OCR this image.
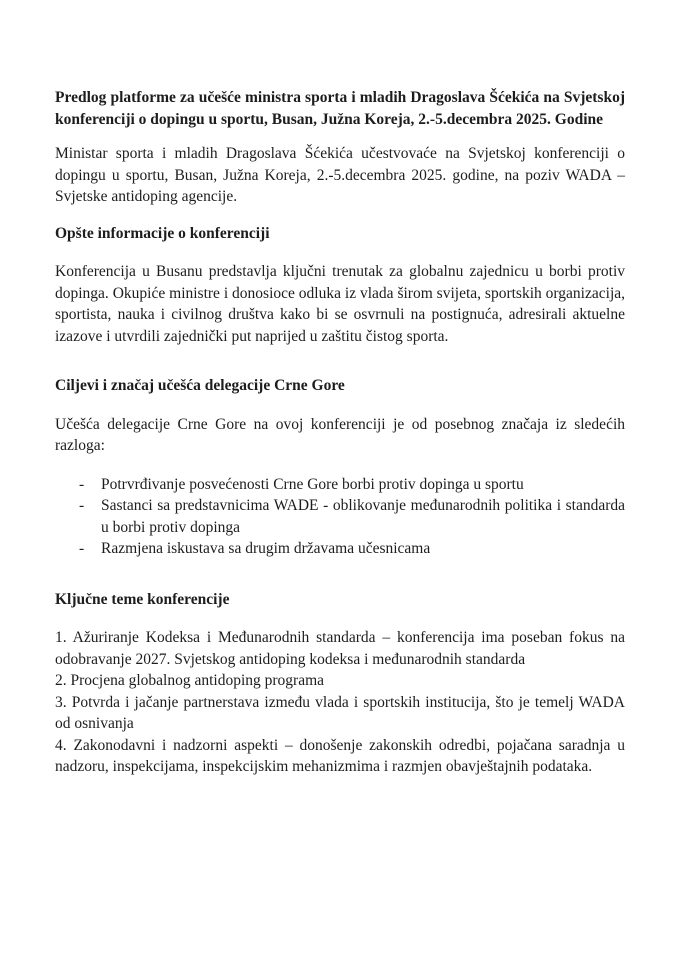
Predlog platforme za učešće ministra sporta i mladih Dragoslava Šćekića na Svjetskoj konferenciji o dopingu u sportu, Busan, Južna Koreja, 2.-5.decembra 2025. Godine

Ministar sporta i mladih Dragoslava Šćekića učestvovaće na Svjetskoj konferenciji o dopingu u sportu, Busan, Južna Koreja, 2.-5.decembra 2025. godine, na poziv WADA – Svjetske antidoping agencije.

Opšte informacije o konferenciji

Konferencija u Busanu predstavlja ključni trenutak za globalnu zajednicu u borbi protiv dopinga. Okupiće ministre i donosioce odluka iz vlada širom svijeta, sportskih organizacija, sportista, nauka i civilnog društva kako bi se osvrnuli na postignuća, adresirali aktuelne izazove i utvrdili zajednički put naprijed u zaštitu čistog sporta.

Ciljevi i značaj učešća delegacije Crne Gore

Učešća delegacije Crne Gore na ovoj konferenciji je od posebnog značaja iz sledećih razloga:

-	Potrvrđivanje posvećenosti Crne Gore borbi protiv dopinga u sportu
-	Sastanci sa predstavnicima WADE - oblikovanje međunarodnih politika i standarda u borbi protiv dopinga
-	Razmjena iskustava sa drugim državama učesnicama
Ključne teme konferencije

1. Ažuriranje Kodeksa i Međunarodnih standarda – konferencija ima poseban fokus na odobravanje 2027. Svjetskog antidoping kodeksa i međunarodnih standarda

2. Procjena globalnog antidoping programa

3. Potvrda i jačanje partnerstava između vlada i sportskih institucija, što je temelj WADA od osnivanja

4. Zakonodavni i nadzorni aspekti – donošenje zakonskih odredbi, pojačana saradnja u nadzoru, inspekcijama, inspekcijskim mehanizmima i razmjen obavještajnih podataka.
